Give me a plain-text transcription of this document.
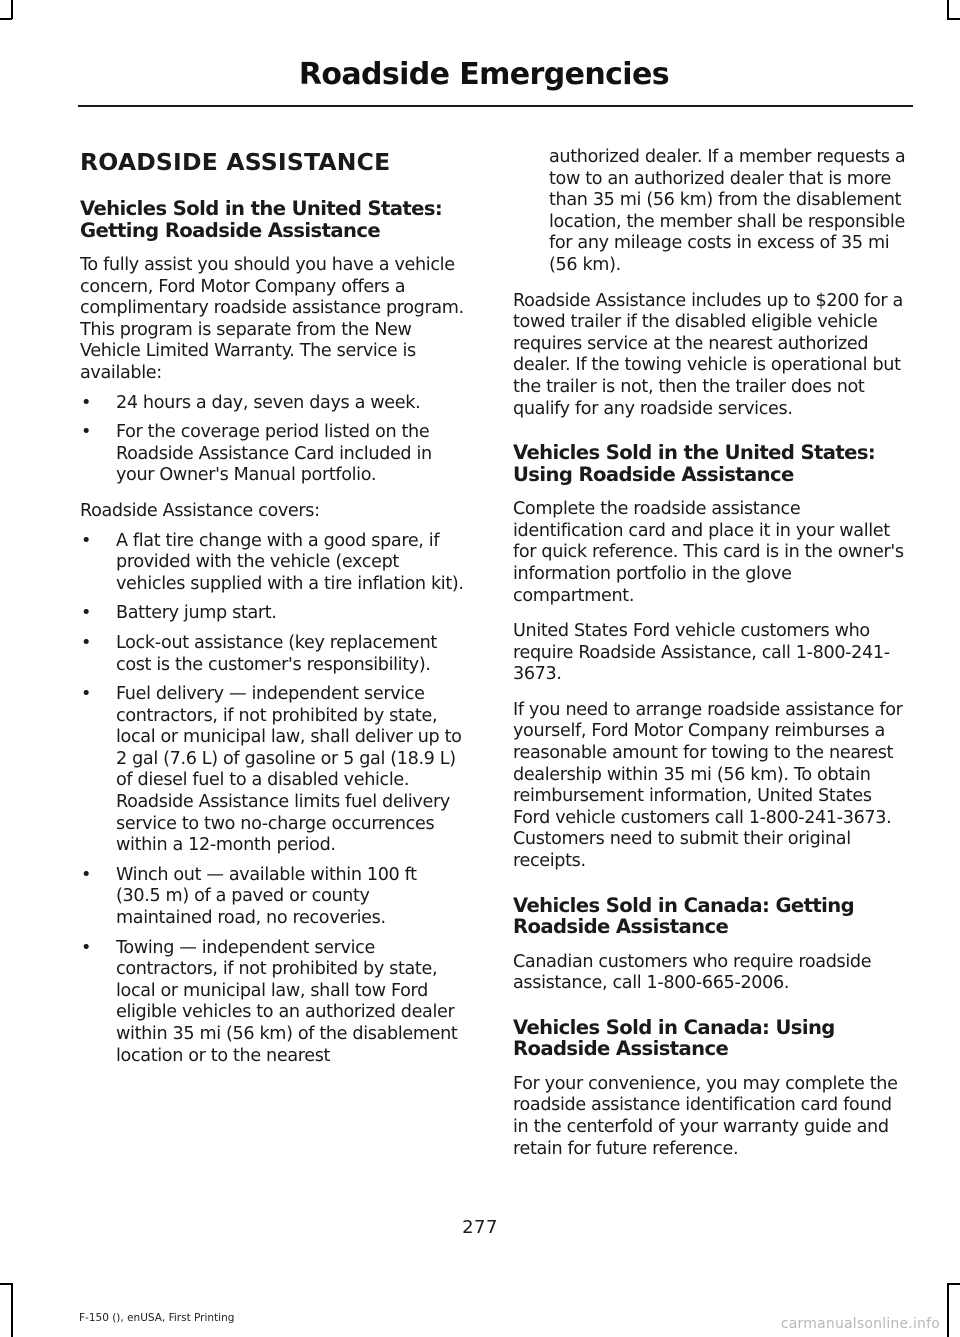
Roadside Emergencies
ROADSIDE ASSISTANCE
Vehicles Sold in the United States: Getting Roadside Assistance

To fully assist you should you have a vehicle concern, Ford Motor Company offers a complimentary roadside assistance program. This program is separate from the New Vehicle Limited Warranty. The service is available:

• 24 hours a day, seven days a week.
• For the coverage period listed on the Roadside Assistance Card included in your Owner's Manual portfolio.

Roadside Assistance covers:

• A flat tire change with a good spare, if provided with the vehicle (except vehicles supplied with a tire inflation kit).
• Battery jump start.
• Lock-out assistance (key replacement cost is the customer's responsibility).
• Fuel delivery — independent service contractors, if not prohibited by state, local or municipal law, shall deliver up to 2 gal (7.6 L) of gasoline or 5 gal (18.9 L) of diesel fuel to a disabled vehicle. Roadside Assistance limits fuel delivery service to two no-charge occurrences within a 12-month period.
• Winch out — available within 100 ft (30.5 m) of a paved or county maintained road, no recoveries.
• Towing — independent service contractors, if not prohibited by state, local or municipal law, shall tow Ford eligible vehicles to an authorized dealer within 35 mi (56 km) of the disablement location or to the nearest
authorized dealer. If a member requests a tow to an authorized dealer that is more than 35 mi (56 km) from the disablement location, the member shall be responsible for any mileage costs in excess of 35 mi (56 km).

Roadside Assistance includes up to $200 for a towed trailer if the disabled eligible vehicle requires service at the nearest authorized dealer. If the towing vehicle is operational but the trailer is not, then the trailer does not qualify for any roadside services.

Vehicles Sold in the United States: Using Roadside Assistance

Complete the roadside assistance identification card and place it in your wallet for quick reference. This card is in the owner's information portfolio in the glove compartment.

United States Ford vehicle customers who require Roadside Assistance, call 1-800-241-3673.

If you need to arrange roadside assistance for yourself, Ford Motor Company reimburses a reasonable amount for towing to the nearest dealership within 35 mi (56 km). To obtain reimbursement information, United States Ford vehicle customers call 1-800-241-3673. Customers need to submit their original receipts.

Vehicles Sold in Canada: Getting Roadside Assistance

Canadian customers who require roadside assistance, call 1-800-665-2006.

Vehicles Sold in Canada: Using Roadside Assistance

For your convenience, you may complete the roadside assistance identification card found in the centerfold of your warranty guide and retain for future reference.

277

F-150 (), enUSA, First Printing	carmanualsonline.info
